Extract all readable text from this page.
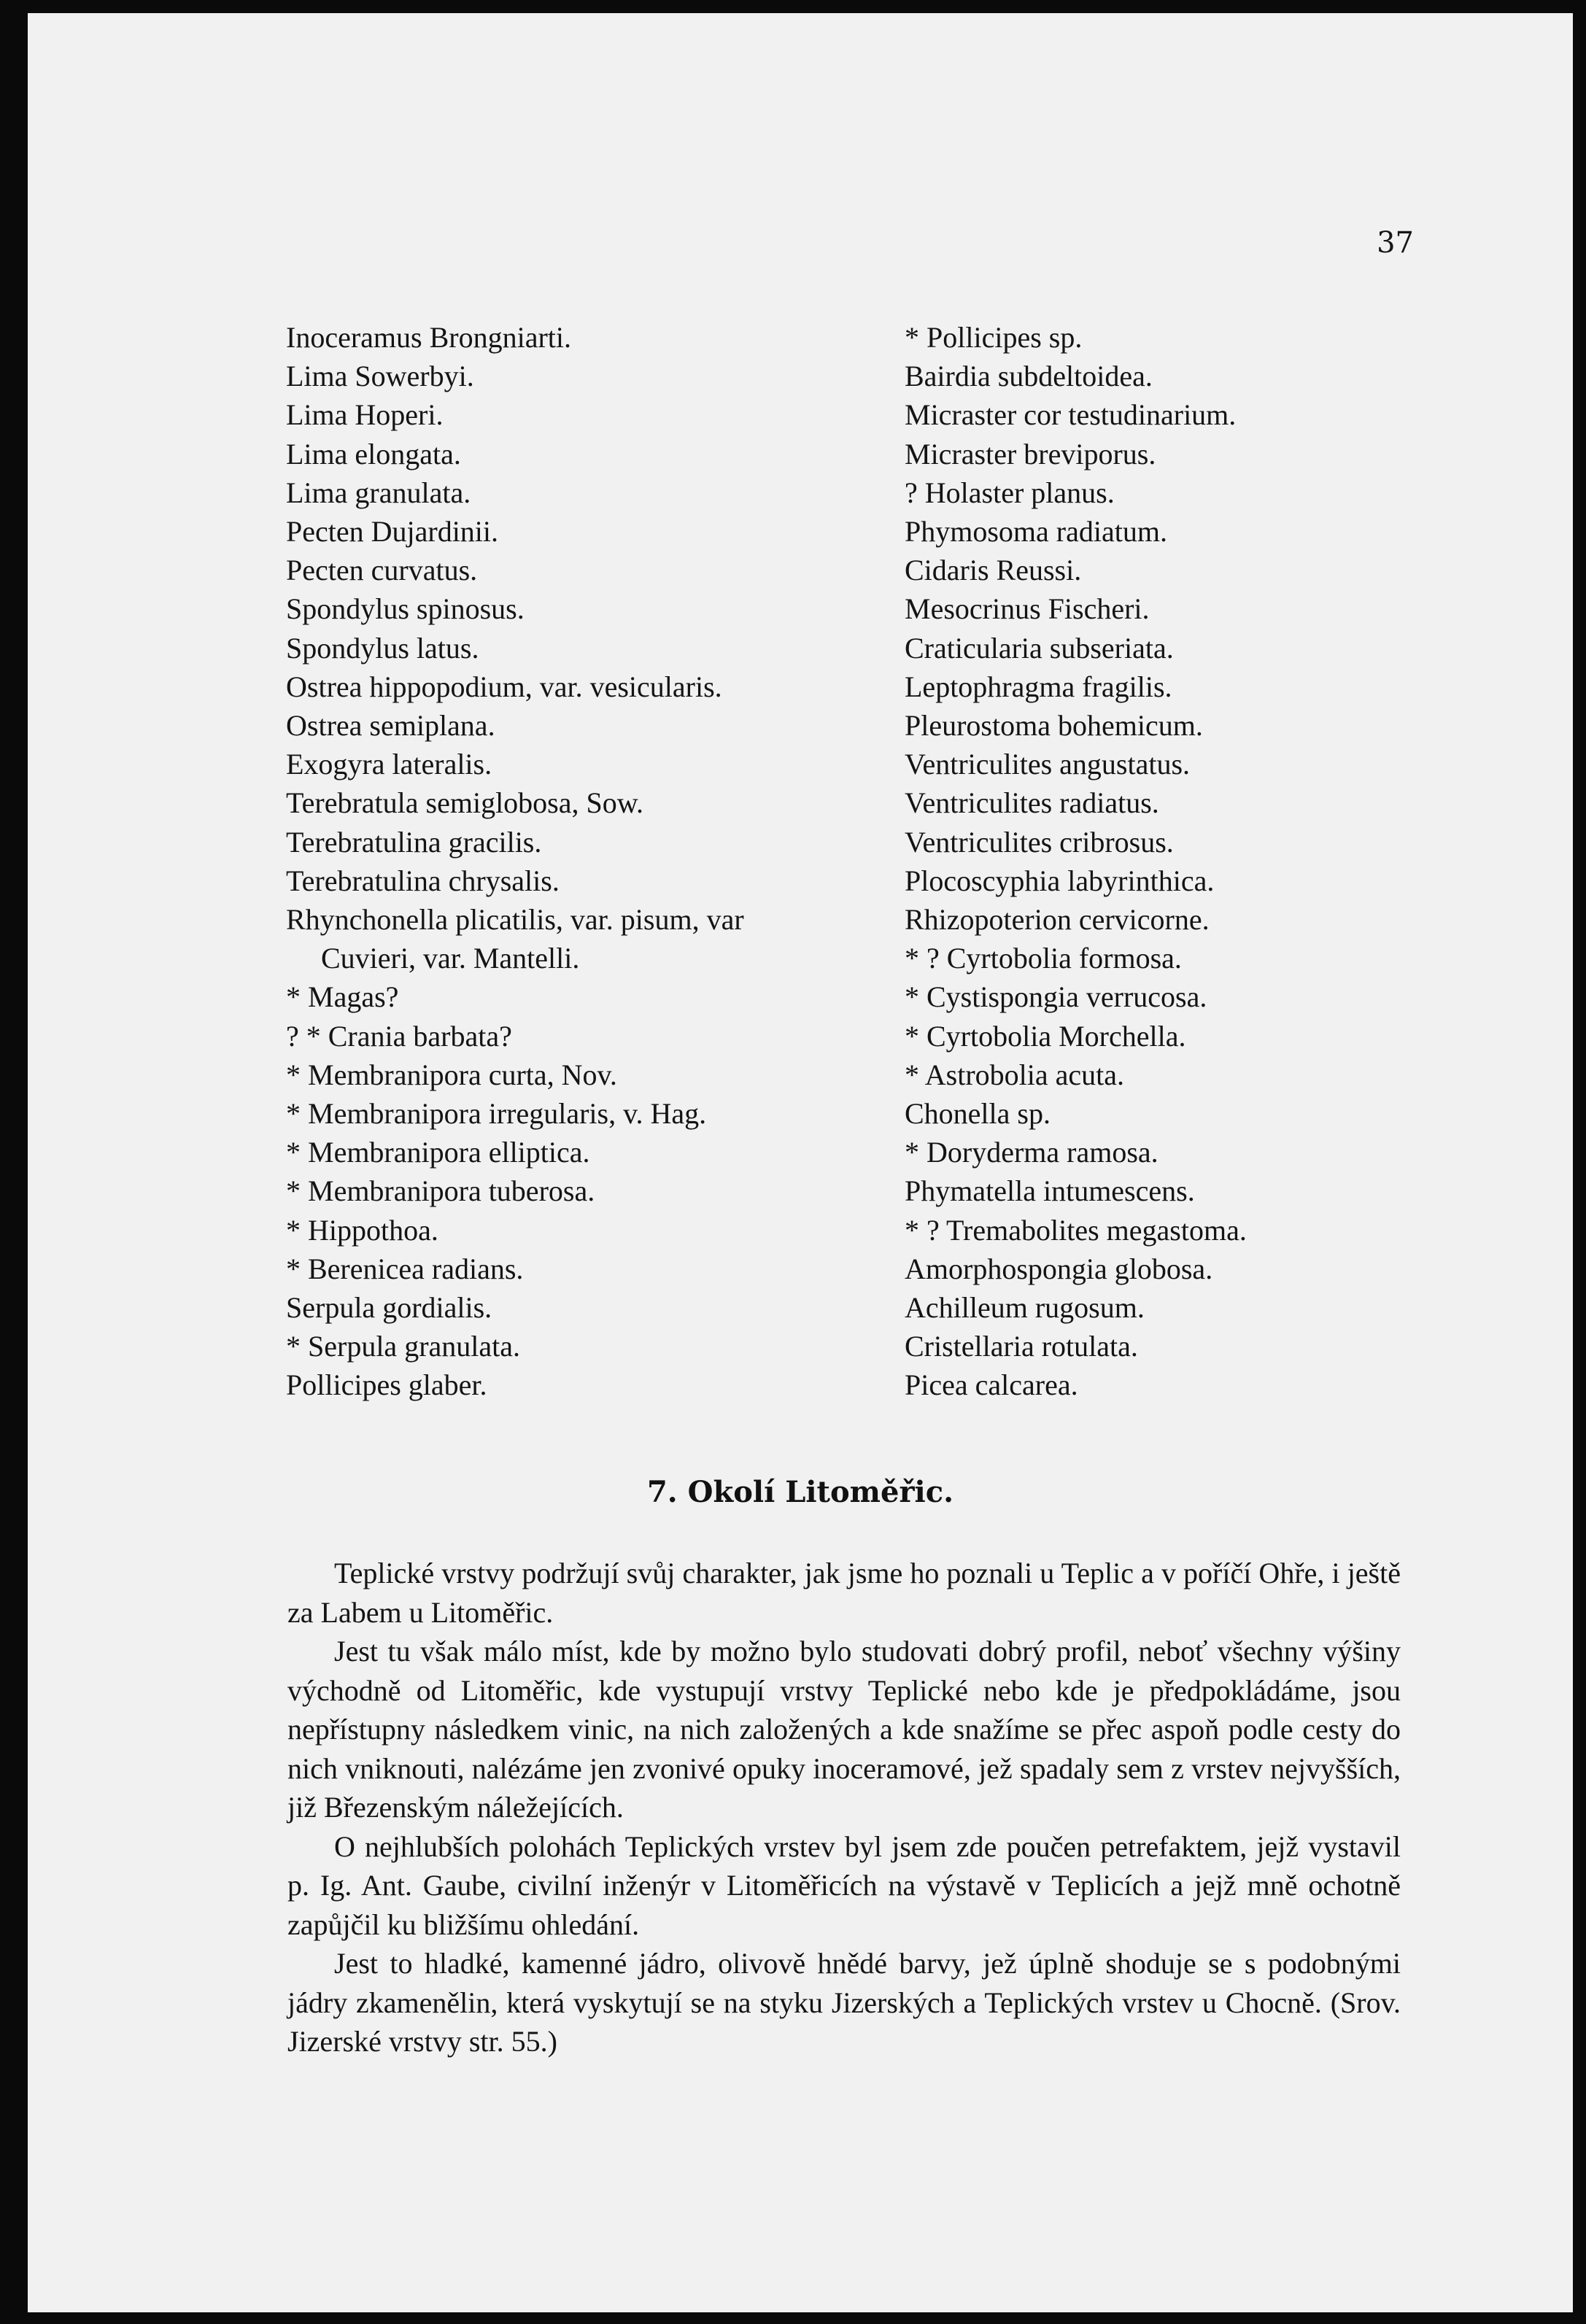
37
Inoceramus Brongniarti.
Lima Sowerbyi.
Lima Hoperi.
Lima elongata.
Lima granulata.
Pecten Dujardinii.
Pecten curvatus.
Spondylus spinosus.
Spondylus latus.
Ostrea hippopodium, var. vesicularis.
Ostrea semiplana.
Exogyra lateralis.
Terebratula semiglobosa, Sow.
Terebratulina gracilis.
Terebratulina chrysalis.
Rhynchonella plicatilis, var. pisum, var
Cuvieri, var. Mantelli.
* Magas?
? * Crania barbata?
* Membranipora curta, Nov.
* Membranipora irregularis, v. Hag.
* Membranipora elliptica.
* Membranipora tuberosa.
* Hippothoa.
* Berenicea radians.
Serpula gordialis.
* Serpula granulata.
Pollicipes glaber.
* Pollicipes sp.
Bairdia subdeltoidea.
Micraster cor testudinarium.
Micraster breviporus.
? Holaster planus.
Phymosoma radiatum.
Cidaris Reussi.
Mesocrinus Fischeri.
Craticularia subseriata.
Leptophragma fragilis.
Pleurostoma bohemicum.
Ventriculites angustatus.
Ventriculites radiatus.
Ventriculites cribrosus.
Plocoscyphia labyrinthica.
Rhizopoterion cervicorne.
* ? Cyrtobolia formosa.
* Cystispongia verrucosa.
* Cyrtobolia Morchella.
* Astrobolia acuta.
Chonella sp.
* Doryderma ramosa.
Phymatella intumescens.
* ? Tremabolites megastoma.
Amorphospongia globosa.
Achilleum rugosum.
Cristellaria rotulata.
Picea calcarea.
7. Okolí Litoměřic.

Teplické vrstvy podržují svůj charakter, jak jsme ho poznali u Teplic a v poříčí Ohře, i ještě za Labem u Litoměřic.

Jest tu však málo míst, kde by možno bylo studovati dobrý profil, neboť všechny výšiny východně od Litoměřic, kde vystupují vrstvy Teplické nebo kde je předpokládáme, jsou nepřístupny následkem vinic, na nich založených a kde snažíme se přec aspoň podle cesty do nich vniknouti, nalézáme jen zvonivé opuky inoceramové, jež spadaly sem z vrstev nejvyšších, již Březenským náležejících.

O nejhlubších polohách Teplických vrstev byl jsem zde poučen petrefaktem, jejž vystavil p. Ig. Ant. Gaube, civilní inženýr v Litoměřicích na výstavě v Teplicích a jejž mně ochotně zapůjčil ku bližšímu ohledání.

Jest to hladké, kamenné jádro, olivově hnědé barvy, jež úplně shoduje se s podobnými jádry zkamenělin, která vyskytují se na styku Jizerských a Teplických vrstev u Chocně. (Srov. Jizerské vrstvy str. 55.)
